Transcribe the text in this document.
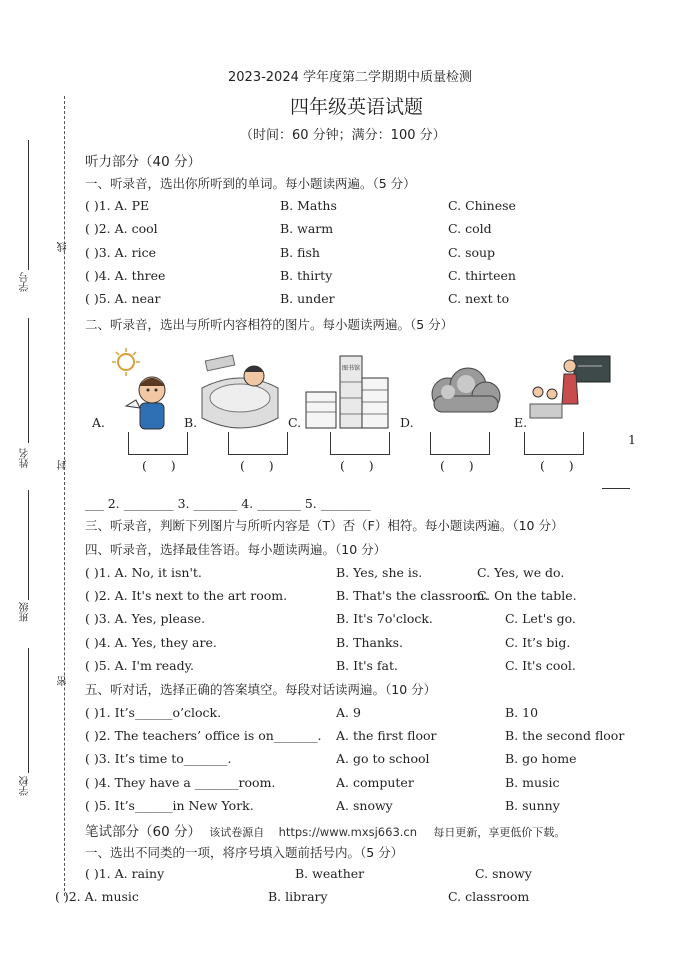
学号
线
姓名	封
班级
密
学校
2023-2024 学年度第二学期期中质量检测
四年级英语试题
（时间：60 分钟；满分：100 分）
听力部分（40 分）
一、听录音，选出你所听到的单词。每小题读两遍。（5 分）
( )1. A. PE	B. Maths	C. Chinese
( )2. A. cool	B. warm	C. cold
( )3. A. rice	B. fish	C. soup
( )4. A. three	B. thirty	C. thirteen
( )5. A. near	B. under	C. next to
二、听录音，选出与所听内容相符的图片。每小题读两遍。（5 分）
A.	B.	C.
图书馆
D.	E.
(      )	(      )	(      )	(      )	(      )
1
___ 2. ________ 3. _______ 4. _______ 5. ________
三、听录音，判断下列图片与所听内容是（T）否（F）相符。每小题读两遍。（10 分）
四、听录音，选择最佳答语。每小题读两遍。（10 分）
( )1. A. No, it isn't.	B. Yes, she is.	C. Yes, we do.
( )2. A. It's next to the art room.	B. That's the classroom.
C. On the table.
( )3. A. Yes, please.	B. It's 7o'clock.	C. Let's go.
( )4. A. Yes, they are.	B. Thanks.	C. It’s big.
( )5. A. I'm ready.	B. It's fat.	C. It's cool.
五、听对话，选择正确的答案填空。每段对话读两遍。（10 分）
( )1. It’s______o’clock.	A. 9	B. 10
( )2. The teachers’ office is on_______. A. the first floor	B. the second floor
( )3. It’s time to_______.	A. go to school	B. go home
( )4. They have a _______room.	A. computer	B. music
( )5. It’s______in New York.	A. snowy	B. sunny
笔试部分（60 分） 该试卷源自 https://www.mxsj663.cn 每日更新，享更低价下载。
一、选出不同类的一项，将序号填入题前括号内。（5 分）
( )1. A. rainy	B. weather	C. snowy
( )2. A. music	B. library	C. classroom
